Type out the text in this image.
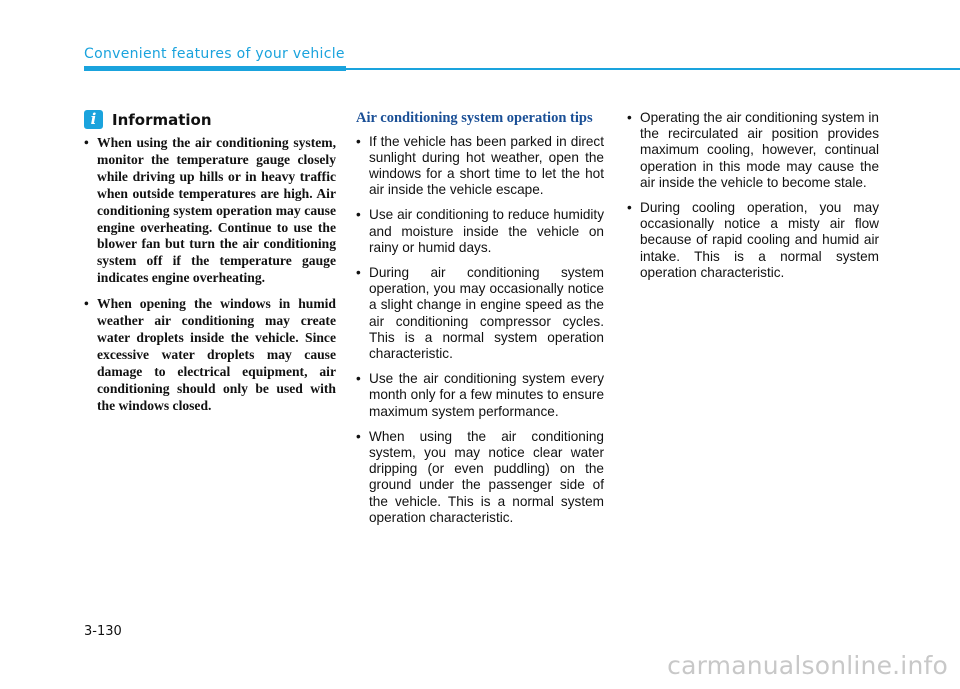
Convenient features of your vehicle
i	Information
• When using the air conditioning system, monitor the temperature gauge closely while driving up hills or in heavy traffic when outside temperatures are high. Air conditioning system operation may cause engine overheating. Continue to use the blower fan but turn the air conditioning system off if the temperature gauge indicates engine overheating.
• When opening the windows in humid weather air conditioning may create water droplets inside the vehicle. Since excessive water droplets may cause damage to electrical equipment, air conditioning should only be used with the windows closed.
Air conditioning system operation tips
• If the vehicle has been parked in direct sunlight during hot weather, open the windows for a short time to let the hot air inside the vehicle escape.
• Use air conditioning to reduce humidity and moisture inside the vehicle on rainy or humid days.
• During air conditioning system operation, you may occasionally notice a slight change in engine speed as the air conditioning compressor cycles. This is a normal system operation characteristic.
• Use the air conditioning system every month only for a few minutes to ensure maximum system performance.
• When using the air conditioning system, you may notice clear water dripping (or even puddling) on the ground under the passenger side of the vehicle. This is a normal system operation characteristic.
• Operating the air conditioning system in the recirculated air position provides maximum cooling, however, continual operation in this mode may cause the air inside the vehicle to become stale.
• During cooling operation, you may occasionally notice a misty air flow because of rapid cooling and humid air intake. This is a normal system operation characteristic.
3-130
carmanualsonline.info
